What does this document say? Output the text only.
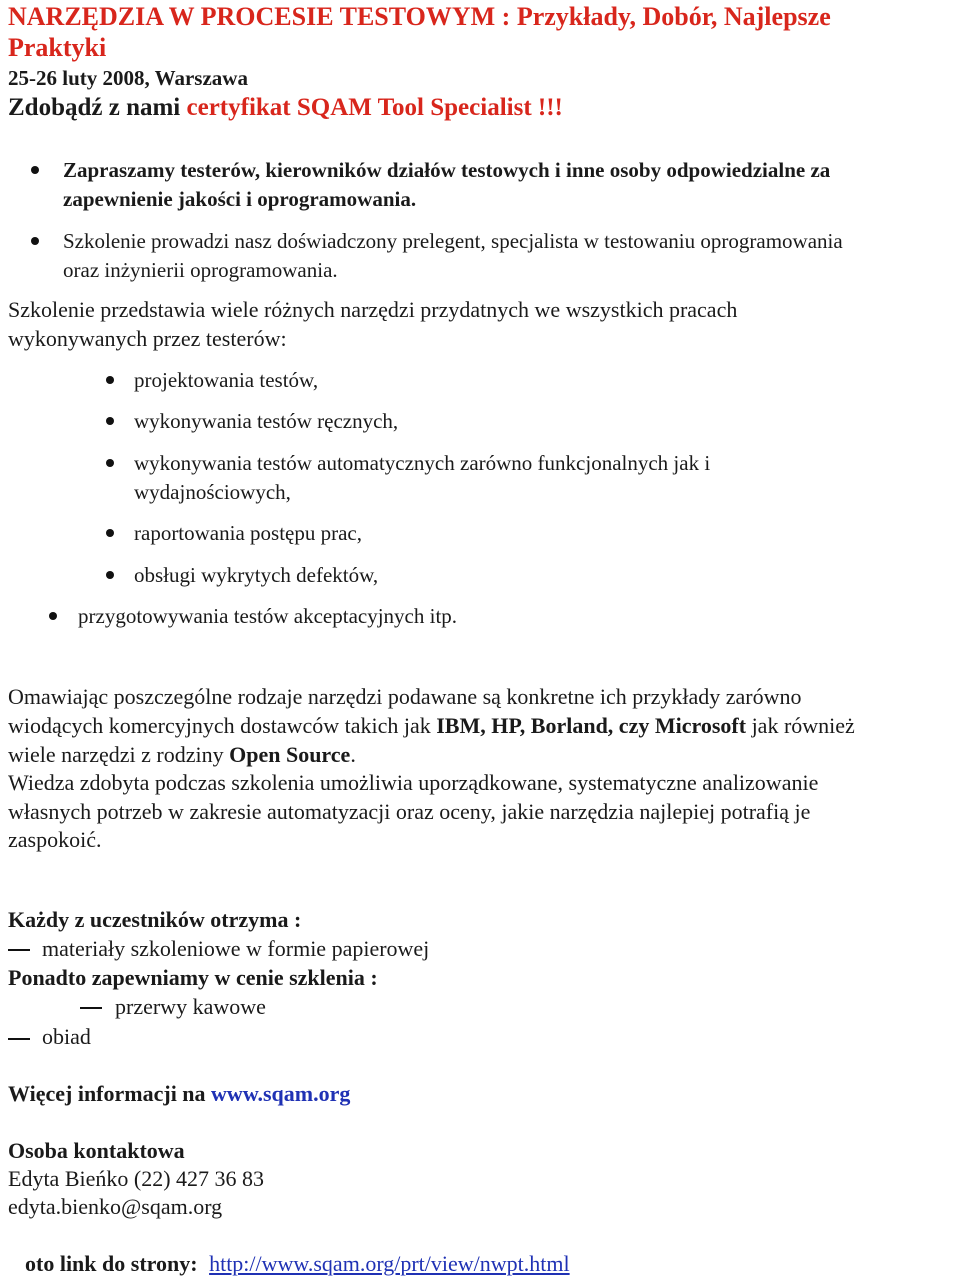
NARZĘDZIA W PROCESIE TESTOWYM : Przykłady, Dobór, Najlepsze
Praktyki
25-26 luty 2008, Warszawa
Zdobądź z nami certyfikat SQAM Tool Specialist !!!
Zapraszamy testerów, kierowników działów testowych i inne osoby odpowiedzialne za
zapewnienie jakości i oprogramowania.
Szkolenie prowadzi nasz doświadczony prelegent, specjalista w testowaniu oprogramowania
oraz inżynierii oprogramowania.
Szkolenie przedstawia wiele różnych narzędzi przydatnych we wszystkich pracach
wykonywanych przez testerów:
projektowania testów,
wykonywania testów ręcznych,
wykonywania testów automatycznych zarówno funkcjonalnych jak i
wydajnościowych,
raportowania postępu prac,
obsługi wykrytych defektów,
przygotowywania testów akceptacyjnych itp.
Omawiając poszczególne rodzaje narzędzi podawane są konkretne ich przykłady zarówno
wiodących komercyjnych dostawców takich jak IBM, HP, Borland, czy Microsoft jak również
wiele narzędzi z rodziny Open Source.
Wiedza zdobyta podczas szkolenia umożliwia uporządkowane, systematyczne analizowanie
własnych potrzeb w zakresie automatyzacji oraz oceny, jakie narzędzia najlepiej potrafią je
zaspokoić.
Każdy z uczestników otrzyma :
materiały szkoleniowe w formie papierowej
Ponadto zapewniamy w cenie szklenia :
przerwy kawowe
obiad
Więcej informacji na www.sqam.org
Osoba kontaktowa
Edyta Bieńko (22) 427 36 83
edyta.bienko@sqam.org
oto link do strony: http://www.sqam.org/prt/view/nwpt.html
